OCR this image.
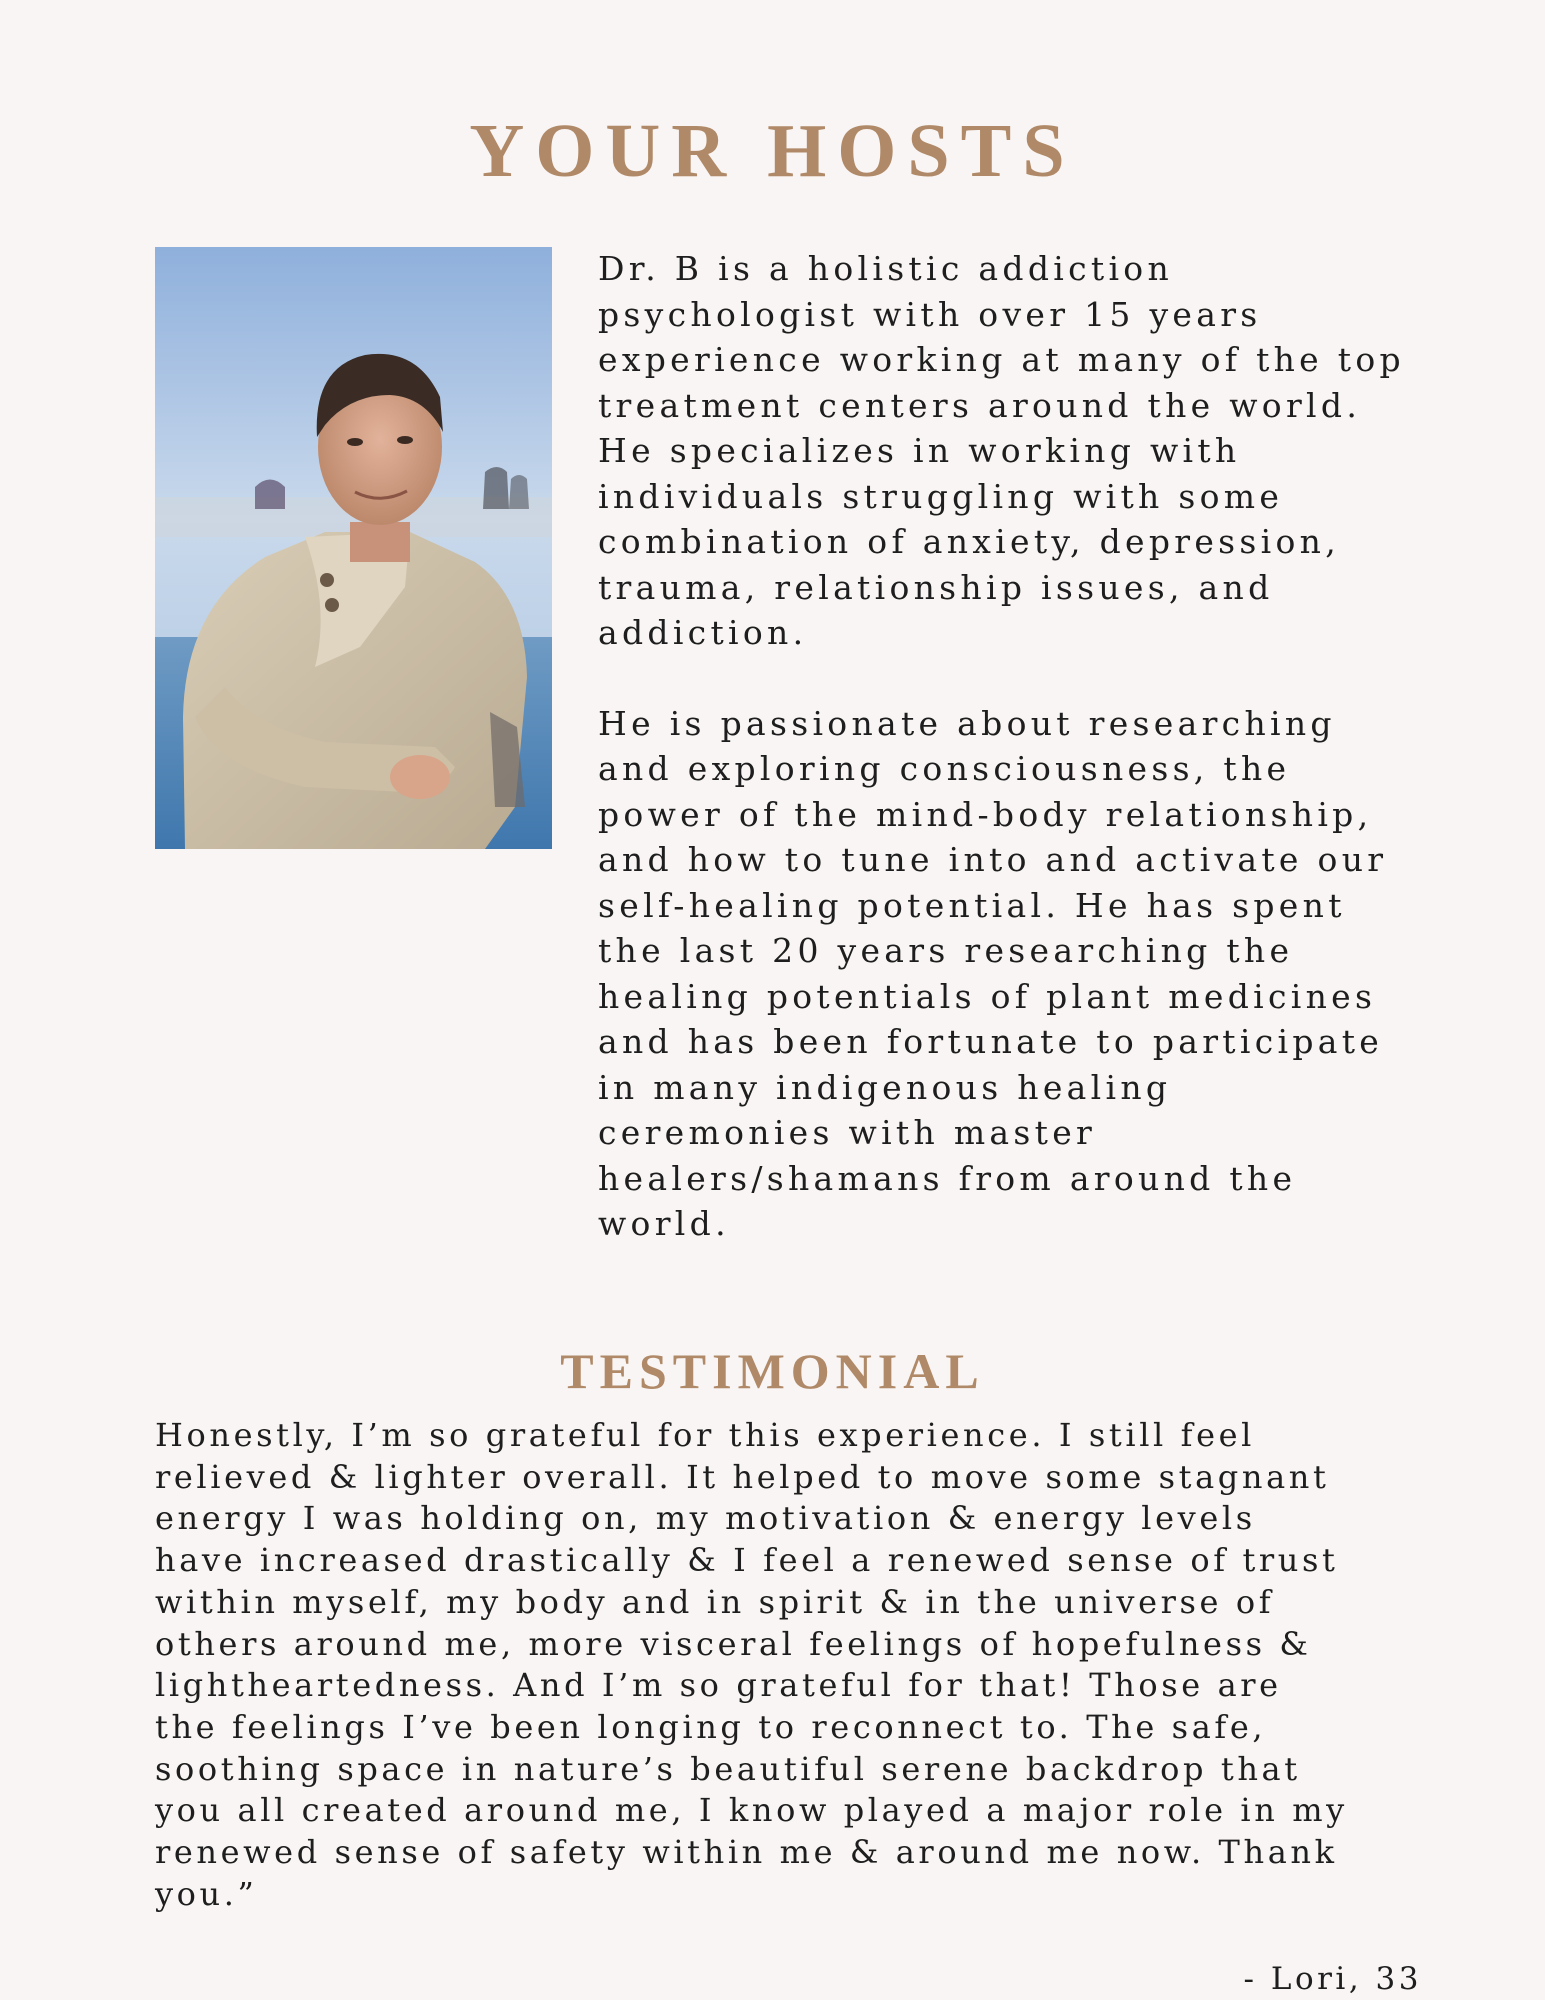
YOUR HOSTS
Dr. B is a holistic addiction
psychologist with over 15 years
experience working at many of the top
treatment centers around the world.
He specializes in working with
individuals struggling with some
combination of anxiety, depression,
trauma, relationship issues, and
addiction.
He is passionate about researching
and exploring consciousness, the
power of the mind-body relationship,
and how to tune into and activate our
self-healing potential. He has spent
the last 20 years researching the
healing potentials of plant medicines
and has been fortunate to participate
in many indigenous healing
ceremonies with master
healers/shamans from around the
world.
TESTIMONIAL
Honestly, I’m so grateful for this experience. I still feel
relieved & lighter overall. It helped to move some stagnant
energy I was holding on, my motivation & energy levels
have increased drastically & I feel a renewed sense of trust
within myself, my body and in spirit & in the universe of
others around me, more visceral feelings of hopefulness &
lightheartedness. And I’m so grateful for that! Those are
the feelings I’ve been longing to reconnect to. The safe,
soothing space in nature’s beautiful serene backdrop that
you all created around me, I know played a major role in my
renewed sense of safety within me & around me now. Thank
you.”
- Lori, 33
